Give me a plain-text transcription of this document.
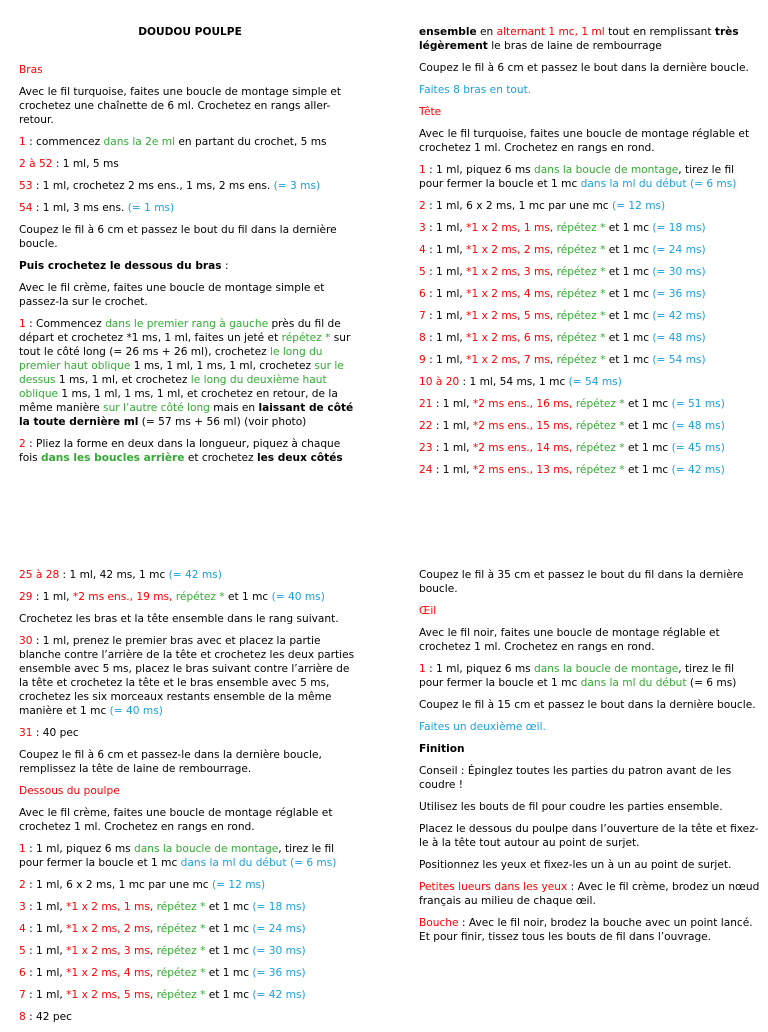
DOUDOU POULPE

Bras

Avec le fil turquoise, faites une boucle de montage simple et crochetez une chaînette de 6 ml. Crochetez en rangs aller-retour.

1 : commencez dans la 2e ml en partant du crochet, 5 ms

2 à 52 : 1 ml, 5 ms

53 : 1 ml, crochetez 2 ms ens., 1 ms, 2 ms ens. (= 3 ms)

54 : 1 ml, 3 ms ens. (= 1 ms)

Coupez le fil à 6 cm et passez le bout du fil dans la dernière boucle.

Puis crochetez le dessous du bras :

Avec le fil crème, faites une boucle de montage simple et passez-la sur le crochet.

1 : Commencez dans le premier rang à gauche près du fil de départ et crochetez *1 ms, 1 ml, faites un jeté et répétez * sur tout le côté long (= 26 ms + 26 ml), crochetez le long du premier haut oblique 1 ms, 1 ml, 1 ms, 1 ml, crochetez sur le dessus 1 ms, 1 ml, et crochetez le long du deuxième haut oblique 1 ms, 1 ml, 1 ms, 1 ml, et crochetez en retour, de la même manière sur l’autre côté long mais en laissant de côté la toute dernière ml (= 57 ms + 56 ml) (voir photo)

2 : Pliez la forme en deux dans la longueur, piquez à chaque fois dans les boucles arrière et crochetez les deux côtés

ensemble en alternant 1 mc, 1 ml tout en remplissant très légèrement le bras de laine de rembourrage

Coupez le fil à 6 cm et passez le bout dans la dernière boucle.

Faites 8 bras en tout.

Tête

Avec le fil turquoise, faites une boucle de montage réglable et crochetez 1 ml. Crochetez en rangs en rond.

1 : 1 ml, piquez 6 ms dans la boucle de montage, tirez le fil pour fermer la boucle et 1 mc dans la ml du début (= 6 ms)

2 : 1 ml, 6 x 2 ms, 1 mc par une mc (= 12 ms)

3 : 1 ml, *1 x 2 ms, 1 ms, répétez * et 1 mc (= 18 ms)

4 : 1 ml, *1 x 2 ms, 2 ms, répétez * et 1 mc (= 24 ms)

5 : 1 ml, *1 x 2 ms, 3 ms, répétez * et 1 mc (= 30 ms)

6 : 1 ml, *1 x 2 ms, 4 ms, répétez * et 1 mc (= 36 ms)

7 : 1 ml, *1 x 2 ms, 5 ms, répétez * et 1 mc (= 42 ms)

8 : 1 ml, *1 x 2 ms, 6 ms, répétez * et 1 mc (= 48 ms)

9 : 1 ml, *1 x 2 ms, 7 ms, répétez * et 1 mc (= 54 ms)

10 à 20 : 1 ml, 54 ms, 1 mc (= 54 ms)

21 : 1 ml, *2 ms ens., 16 ms, répétez * et 1 mc (= 51 ms)

22 : 1 ml, *2 ms ens., 15 ms, répétez * et 1 mc (= 48 ms)

23 : 1 ml, *2 ms ens., 14 ms, répétez * et 1 mc (= 45 ms)

24 : 1 ml, *2 ms ens., 13 ms, répétez * et 1 mc (= 42 ms)

25 à 28 : 1 ml, 42 ms, 1 mc (= 42 ms)

29 : 1 ml, *2 ms ens., 19 ms, répétez * et 1 mc (= 40 ms)

Crochetez les bras et la tête ensemble dans le rang suivant.

30 : 1 ml, prenez le premier bras avec et placez la partie blanche contre l’arrière de la tête et crochetez les deux parties ensemble avec 5 ms, placez le bras suivant contre l’arrière de la tête et crochetez la tête et le bras ensemble avec 5 ms, crochetez les six morceaux restants ensemble de la même manière et 1 mc (= 40 ms)

31 : 40 pec

Coupez le fil à 6 cm et passez-le dans la dernière boucle, remplissez la tête de laine de rembourrage.

Dessous du poulpe

Avec le fil crème, faites une boucle de montage réglable et crochetez 1 ml. Crochetez en rangs en rond.

1 : 1 ml, piquez 6 ms dans la boucle de montage, tirez le fil pour fermer la boucle et 1 mc dans la ml du début (= 6 ms)

2 : 1 ml, 6 x 2 ms, 1 mc par une mc (= 12 ms)

3 : 1 ml, *1 x 2 ms, 1 ms, répétez * et 1 mc (= 18 ms)

4 : 1 ml, *1 x 2 ms, 2 ms, répétez * et 1 mc (= 24 ms)

5 : 1 ml, *1 x 2 ms, 3 ms, répétez * et 1 mc (= 30 ms)

6 : 1 ml, *1 x 2 ms, 4 ms, répétez * et 1 mc (= 36 ms)

7 : 1 ml, *1 x 2 ms, 5 ms, répétez * et 1 mc (= 42 ms)

8 : 42 pec

Coupez le fil à 35 cm et passez le bout du fil dans la dernière boucle.

Œil

Avec le fil noir, faites une boucle de montage réglable et crochetez 1 ml. Crochetez en rangs en rond.

1 : 1 ml, piquez 6 ms dans la boucle de montage, tirez le fil pour fermer la boucle et 1 mc dans la ml du début (= 6 ms)

Coupez le fil à 15 cm et passez le bout dans la dernière boucle.

Faites un deuxième œil.

Finition

Conseil : Épinglez toutes les parties du patron avant de les coudre !

Utilisez les bouts de fil pour coudre les parties ensemble.

Placez le dessous du poulpe dans l’ouverture de la tête et fixez-le à la tête tout autour au point de surjet.

Positionnez les yeux et fixez-les un à un au point de surjet.

Petites lueurs dans les yeux : Avec le fil crème, brodez un nœud français au milieu de chaque œil.

Bouche : Avec le fil noir, brodez la bouche avec un point lancé. Et pour finir, tissez tous les bouts de fil dans l’ouvrage.
